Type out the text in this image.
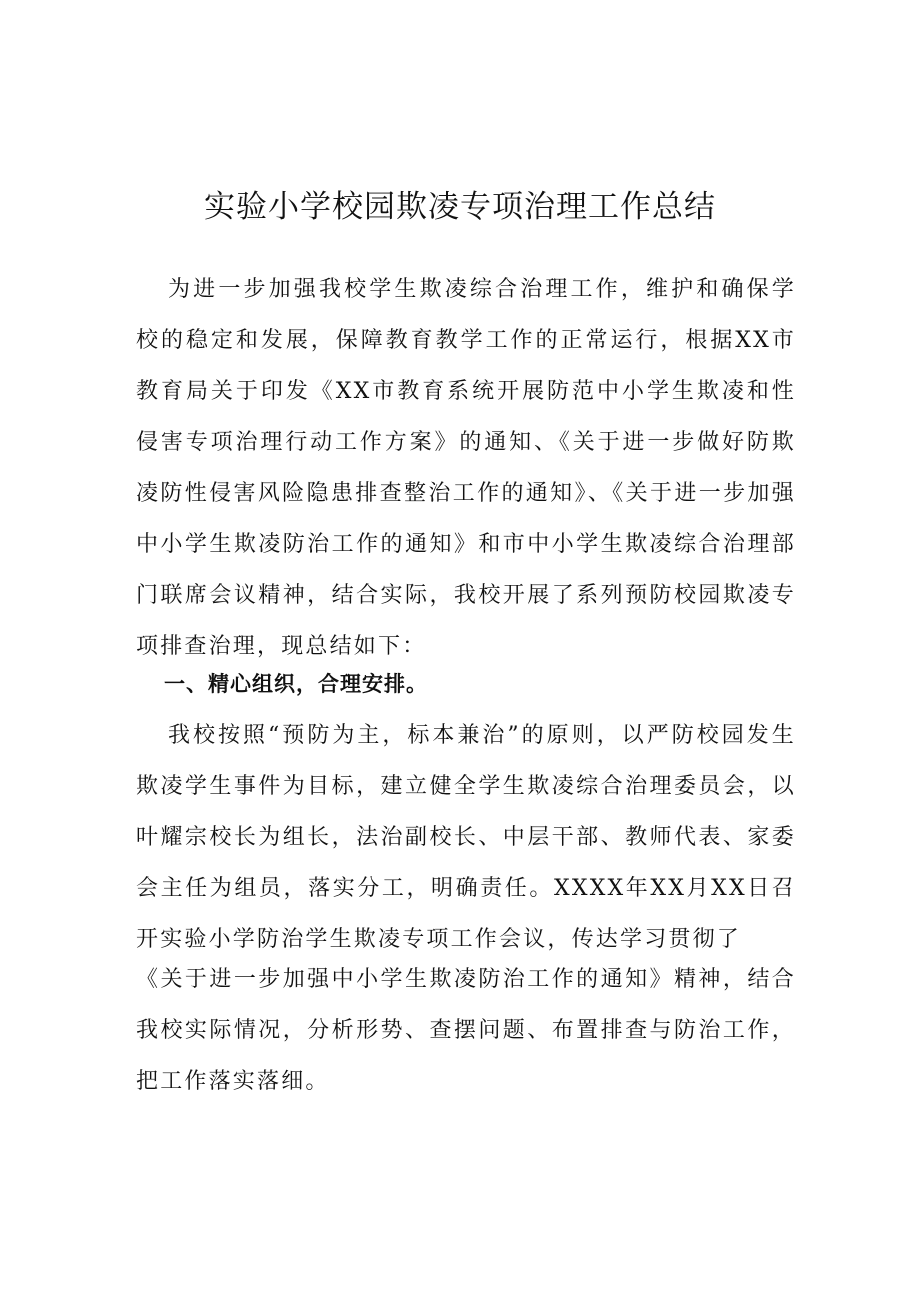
实验小学校园欺凌专项治理工作总结

为进一步加强我校学生欺凌综合治理工作，维护和确保学校的稳定和发展，保障教育教学工作的正常运行，根据XX市教育局关于印发《XX市教育系统开展防范中小学生欺凌和性侵害专项治理行动工作方案》的通知、《关于进一步做好防欺凌防性侵害风险隐患排查整治工作的通知》、《关于进一步加强中小学生欺凌防治工作的通知》和市中小学生欺凌综合治理部门联席会议精神，结合实际，我校开展了系列预防校园欺凌专项排查治理，现总结如下：

一、精心组织，合理安排。

我校按照“预防为主，标本兼治”的原则，以严防校园发生欺凌学生事件为目标，建立健全学生欺凌综合治理委员会，以叶耀宗校长为组长，法治副校长、中层干部、教师代表、家委会主任为组员，落实分工，明确责任。XXXX年XX月XX日召开实验小学防治学生欺凌专项工作会议，传达学习贯彻了

《关于进一步加强中小学生欺凌防治工作的通知》精神，结合我校实际情况，分析形势、查摆问题、布置排查与防治工作，把工作落实落细。
